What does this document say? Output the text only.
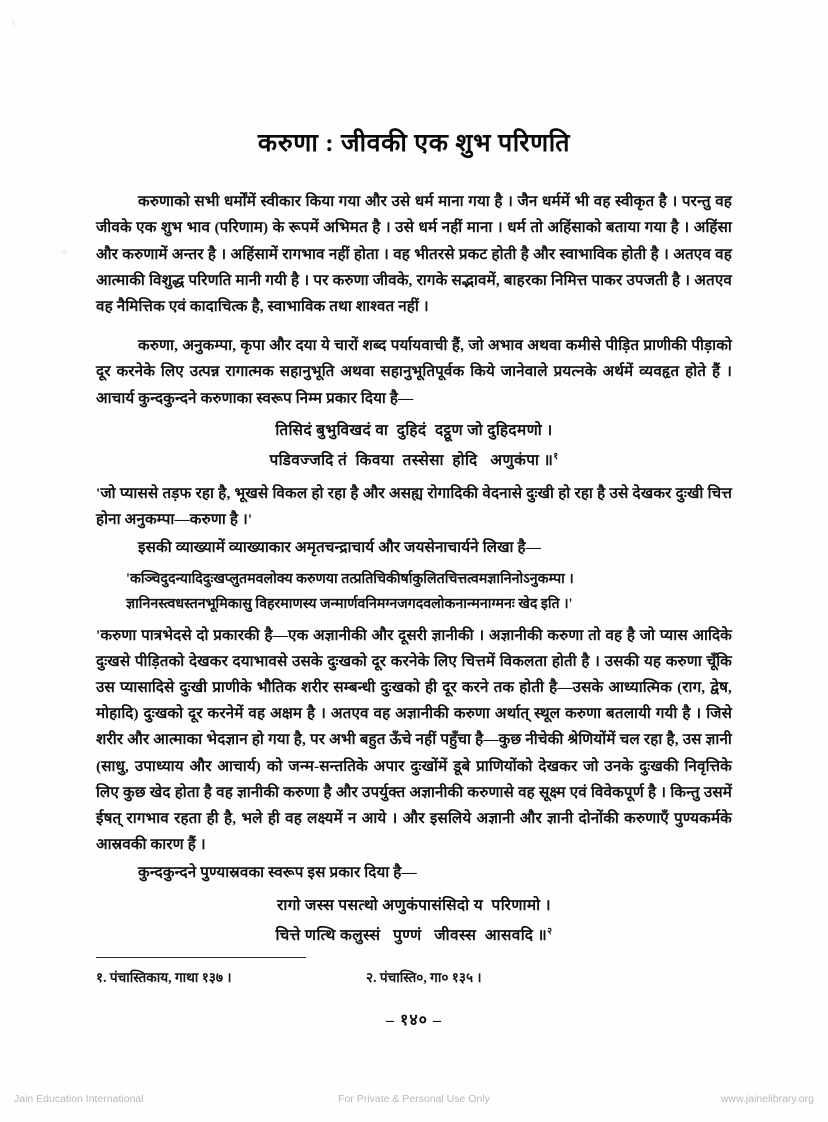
करुणा : जीवकी एक शुभ परिणति

करुणाको सभी धर्मोंमें स्वीकार किया गया और उसे धर्म माना गया है । जैन धर्ममें भी वह स्वीकृत है । परन्तु वह जीवके एक शुभ भाव (परिणाम) के रूपमें अभिमत है । उसे धर्म नहीं माना । धर्म तो अहिंसाको बताया गया है । अहिंसा और करुणामें अन्तर है । अहिंसामें रागभाव नहीं होता । वह भीतरसे प्रकट होती है और स्वाभाविक होती है । अतएव वह आत्माकी विशुद्ध परिणति मानी गयी है । पर करुणा जीवके, रागके सद्भावमें, बाहरका निमित्त पाकर उपजती है । अतएव वह नैमित्तिक एवं कादाचित्क है, स्वाभाविक तथा शाश्वत नहीं ।

करुणा, अनुकम्पा, कृपा और दया ये चारों शब्द पर्यायवाची हैं, जो अभाव अथवा कमीसे पीड़ित प्राणीकी पीड़ाको दूर करनेके लिए उत्पन्न रागात्मक सहानुभूति अथवा सहानुभूतिपूर्वक किये जानेवाले प्रयत्नके अर्थमें व्यवहृत होते हैं । आचार्य कुन्दकुन्दने करुणाका स्वरूप निम्म प्रकार दिया है—

तिसिदं बुभुविखदं वा  दुहिदं  दट्ठूण जो दुहिदमणो ।
पडिवज्जदि तं  किवया  तस्सेसा  होदि   अणुकंपा ॥$^१$

'जो प्याससे तड़फ रहा है, भूखसे विकल हो रहा है और असह्य रोगादिकी वेदनासे दुःखी हो रहा है उसे देखकर दुःखी चित्त होना अनुकम्पा—करुणा है ।'

इसकी व्याख्यामें व्याख्याकार अमृतचन्द्राचार्य और जयसेनाचार्यने लिखा है—

'कञ्चिदुदन्यादिदुःखप्लुतमवलोक्य करुणया तत्प्रतिचिकीर्षाकुलितचित्तत्वमज्ञानिनोऽनुकम्पा ।
ज्ञानिनस्त्वधस्तनभूमिकासु विहरमाणस्य जन्मार्णवनिमग्नजगदवलोकनान्मनाग्मनः खेद इति ।'

'करुणा पात्रभेदसे दो प्रकारकी है—एक अज्ञानीकी और दूसरी ज्ञानीकी । अज्ञानीकी करुणा तो वह है जो प्यास आदिके दुःखसे पीड़ितको देखकर दयाभावसे उसके दुःखको दूर करनेके लिए चित्तमें विकलता होती है । उसकी यह करुणा चूँकि उस प्यासादिसे दुःखी प्राणीके भौतिक शरीर सम्बन्धी दुःखको ही दूर करने तक होती है—उसके आध्यात्मिक (राग, द्वेष, मोहादि) दुःखको दूर करनेमें वह अक्षम है । अतएव वह अज्ञानीकी करुणा अर्थात् स्थूल करुणा बतलायी गयी है । जिसे शरीर और आत्माका भेदज्ञान हो गया है, पर अभी बहुत ऊँचे नहीं पहुँचा है—कुछ नीचेकी श्रेणियोंमें चल रहा है, उस ज्ञानी (साधु, उपाध्याय और आचार्य) को जन्म-सन्ततिके अपार दुःखोंमें डूबे प्राणियोंको देखकर जो उनके दुःखकी निवृत्तिके लिए कुछ खेद होता है वह ज्ञानीकी करुणा है और उपर्युक्त अज्ञानीकी करुणासे वह सूक्ष्म एवं विवेकपूर्ण है । किन्तु उसमें ईषत् रागभाव रहता ही है, भले ही वह लक्ष्यमें न आये । और इसलिये अज्ञानी और ज्ञानी दोनोंकी करुणाएँ पुण्यकर्मके आस्रवकी कारण हैं ।

कुन्दकुन्दने पुण्यास्रवका स्वरूप इस प्रकार दिया है—

रागो जस्स पसत्थो अणुकंपासंसिदो य  परिणामो ।
चित्ते णत्थि कलुस्सं   पुण्णं   जीवस्स  आसवदि ॥$^२$
१. पंचास्तिकाय, गाथा १३७ ।	२. पंचास्ति०, गा० १३५ ।
– १४० –
Jain Education International	For Private & Personal Use Only	www.jainelibrary.org
